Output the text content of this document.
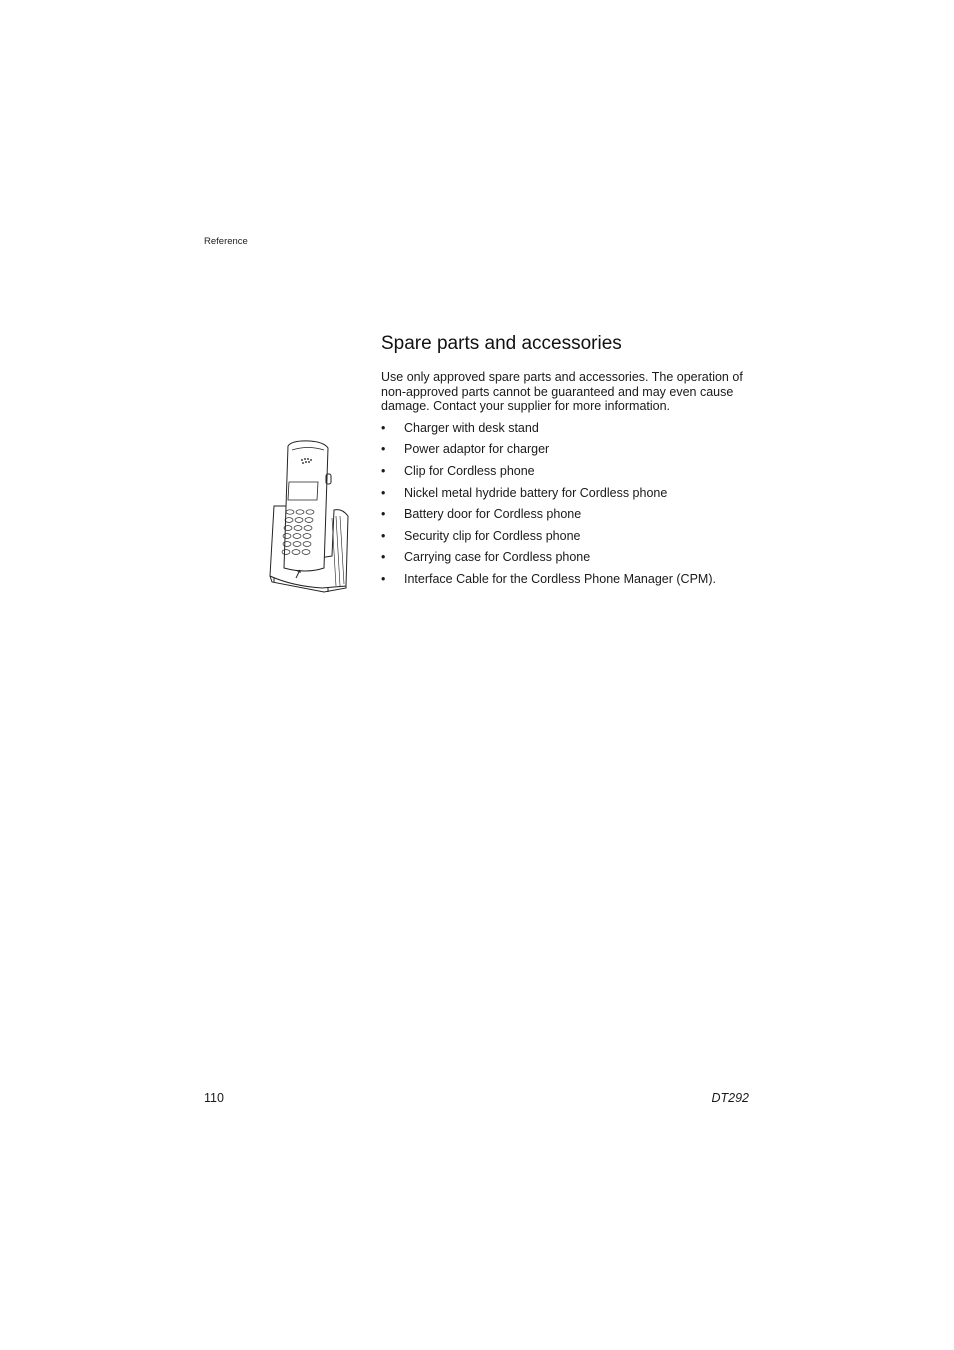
Reference
Spare parts and accessories

Use only approved spare parts and accessories. The operation of non-approved parts cannot be guaranteed and may even cause damage. Contact your supplier for more information.

• Charger with desk stand
• Power adaptor for charger
• Clip for Cordless phone
• Nickel metal hydride battery for Cordless phone
• Battery door for Cordless phone
• Security clip for Cordless phone
• Carrying case for Cordless phone
• Interface Cable for the Cordless Phone Manager (CPM).
110	DT292
